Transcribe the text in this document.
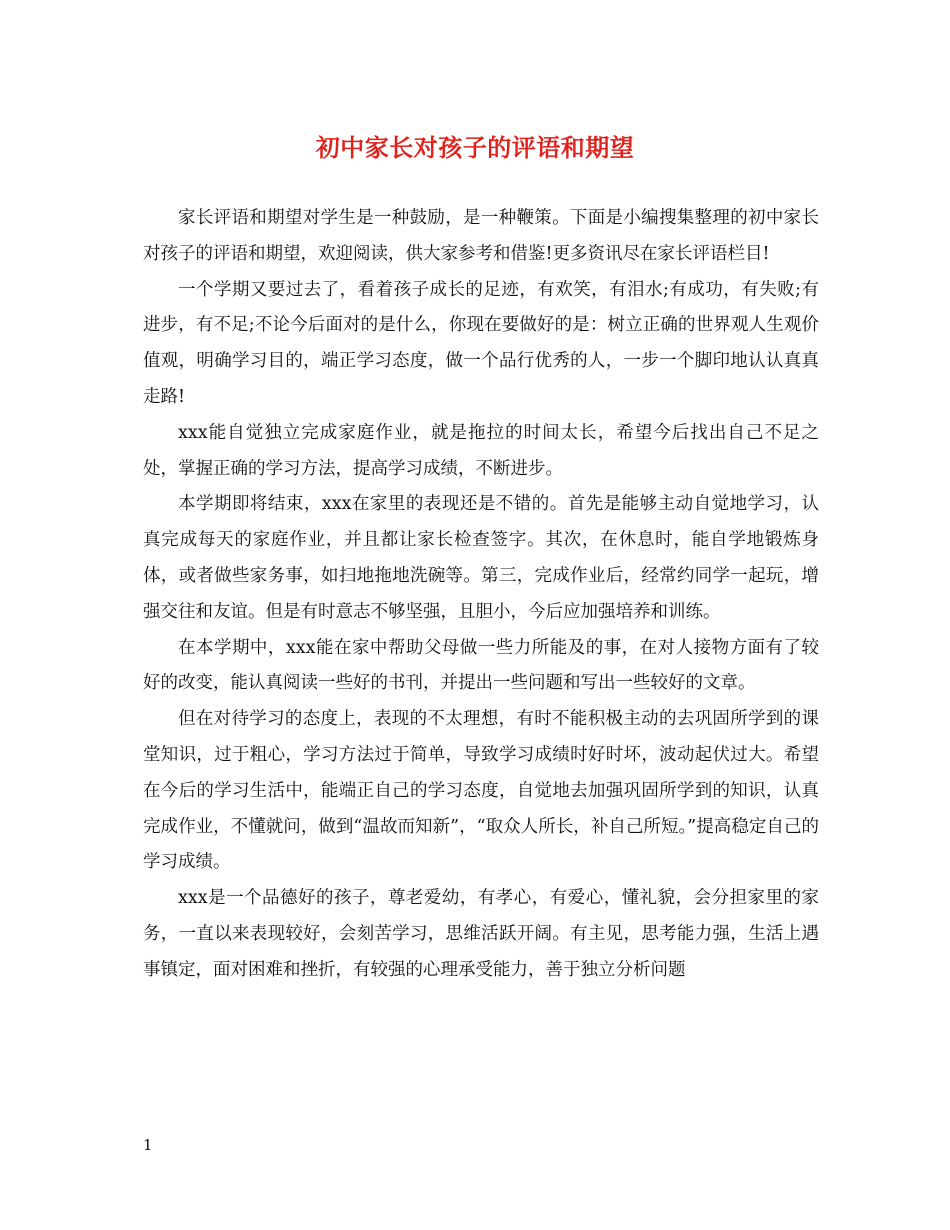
初中家长对孩子的评语和期望

家长评语和期望对学生是一种鼓励，是一种鞭策。下面是小编搜集整理的初中家长对孩子的评语和期望，欢迎阅读，供大家参考和借鉴!更多资讯尽在家长评语栏目!

一个学期又要过去了，看着孩子成长的足迹，有欢笑，有泪水;有成功，有失败;有进步，有不足;不论今后面对的是什么，你现在要做好的是：树立正确的世界观人生观价值观，明确学习目的，端正学习态度，做一个品行优秀的人，一步一个脚印地认认真真走路!

xxx能自觉独立完成家庭作业，就是拖拉的时间太长，希望今后找出自己不足之处，掌握正确的学习方法，提高学习成绩，不断进步。

本学期即将结束，xxx在家里的表现还是不错的。首先是能够主动自觉地学习，认真完成每天的家庭作业，并且都让家长检查签字。其次，在休息时，能自学地锻炼身体，或者做些家务事，如扫地拖地洗碗等。第三，完成作业后，经常约同学一起玩，增强交往和友谊。但是有时意志不够坚强，且胆小，今后应加强培养和训练。

在本学期中，xxx能在家中帮助父母做一些力所能及的事，在对人接物方面有了较好的改变，能认真阅读一些好的书刊，并提出一些问题和写出一些较好的文章。

但在对待学习的态度上，表现的不太理想，有时不能积极主动的去巩固所学到的课堂知识，过于粗心，学习方法过于简单，导致学习成绩时好时坏，波动起伏过大。希望在今后的学习生活中，能端正自己的学习态度，自觉地去加强巩固所学到的知识，认真完成作业，不懂就问，做到“温故而知新”，“取众人所长，补自己所短。”提高稳定自己的学习成绩。

xxx是一个品德好的孩子，尊老爱幼，有孝心，有爱心，懂礼貌，会分担家里的家务，一直以来表现较好，会刻苦学习，思维活跃开阔。有主见，思考能力强，生活上遇事镇定，面对困难和挫折，有较强的心理承受能力，善于独立分析问题

1
